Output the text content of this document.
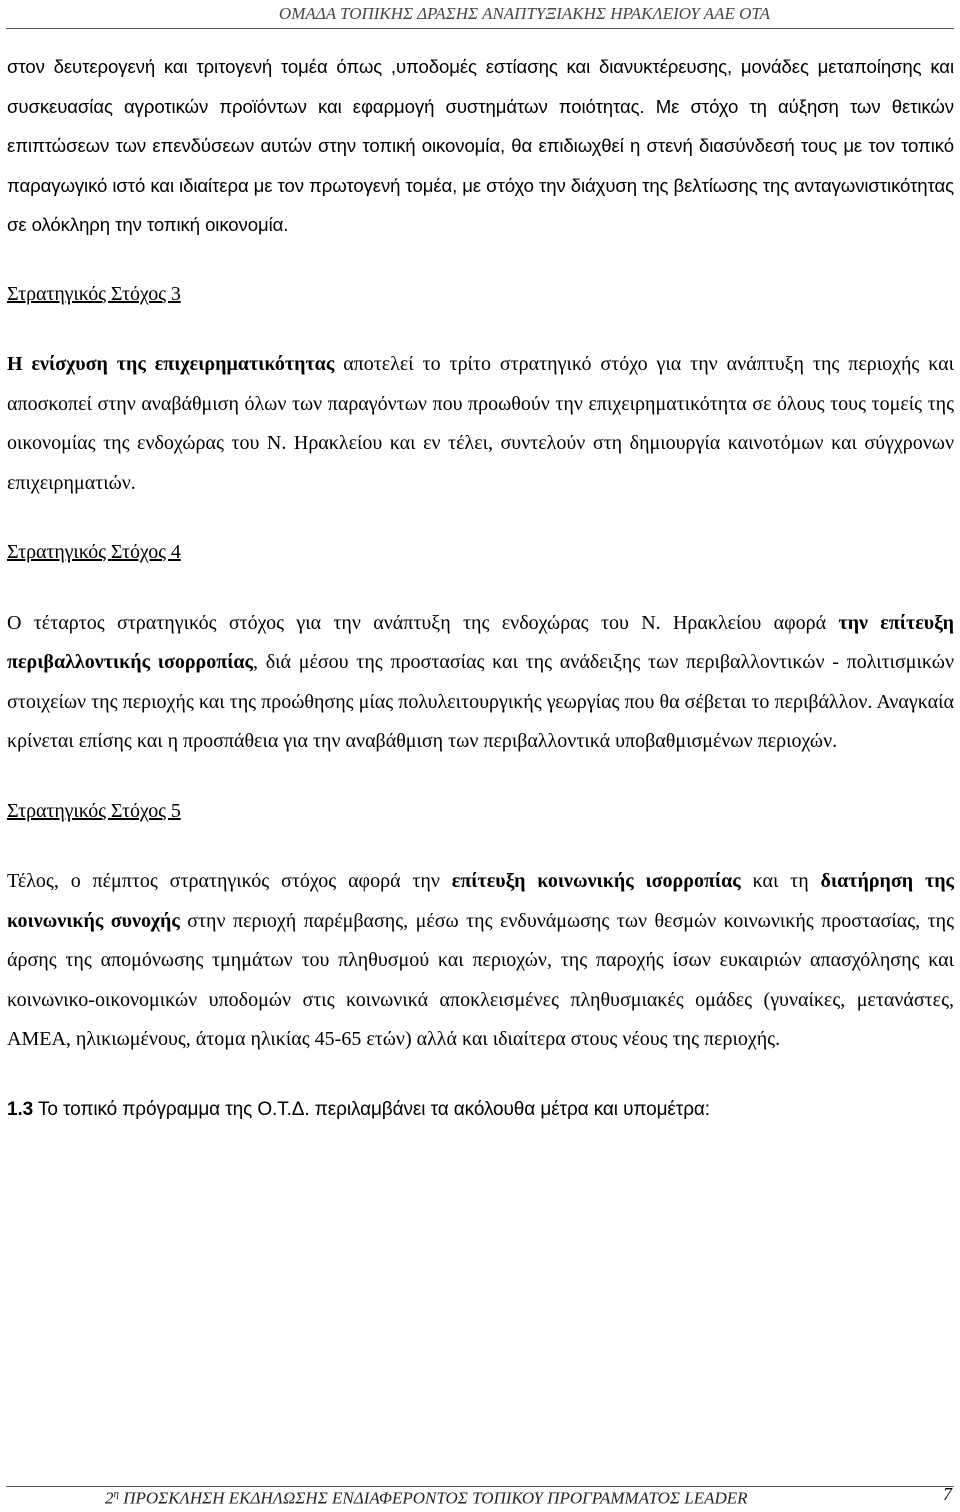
ΟΜΑΔΑ ΤΟΠΙΚΗΣ ΔΡΑΣΗΣ ΑΝΑΠΤΥΞΙΑΚΗΣ ΗΡΑΚΛΕΙΟΥ ΑΑΕ ΟΤΑ

στον δευτερογενή και τριτογενή τομέα όπως ,υποδομές εστίασης και διανυκτέρευσης, μονάδες μεταποίησης και συσκευασίας αγροτικών προϊόντων και εφαρμογή συστημάτων ποιότητας. Με στόχο τη αύξηση των θετικών επιπτώσεων των επενδύσεων αυτών στην τοπική οικονομία, θα επιδιωχθεί η στενή διασύνδεσή τους με τον τοπικό παραγωγικό ιστό και ιδιαίτερα με τον πρωτογενή τομέα, με στόχο την διάχυση της βελτίωσης της ανταγωνιστικότητας σε ολόκληρη την τοπική οικονομία.

Στρατηγικός Στόχος 3

Η ενίσχυση της επιχειρηματικότητας αποτελεί το τρίτο στρατηγικό στόχο για την ανάπτυξη της περιοχής και αποσκοπεί στην αναβάθμιση όλων των παραγόντων που προωθούν την επιχειρηματικότητα σε όλους τους τομείς της οικονομίας της ενδοχώρας του Ν. Ηρακλείου και εν τέλει, συντελούν στη δημιουργία καινοτόμων και σύγχρονων επιχειρηματιών.

Στρατηγικός Στόχος 4

Ο τέταρτος στρατηγικός στόχος για την ανάπτυξη της ενδοχώρας του Ν. Ηρακλείου αφορά την επίτευξη περιβαλλοντικής ισορροπίας, διά μέσου της προστασίας και της ανάδειξης των περιβαλλοντικών - πολιτισμικών στοιχείων της περιοχής και της προώθησης μίας πολυλειτουργικής γεωργίας που θα σέβεται το περιβάλλον. Αναγκαία κρίνεται επίσης και η προσπάθεια για την αναβάθμιση των περιβαλλοντικά υποβαθμισμένων περιοχών.

Στρατηγικός Στόχος 5

Τέλος, ο πέμπτος στρατηγικός στόχος αφορά την επίτευξη κοινωνικής ισορροπίας και τη διατήρηση της κοινωνικής συνοχής στην περιοχή παρέμβασης, μέσω της ενδυνάμωσης των θεσμών κοινωνικής προστασίας, της άρσης της απομόνωσης τμημάτων του πληθυσμού και περιοχών, της παροχής ίσων ευκαιριών απασχόλησης και κοινωνικο-οικονομικών υποδομών στις κοινωνικά αποκλεισμένες πληθυσμιακές ομάδες (γυναίκες, μετανάστες, ΑΜΕΑ, ηλικιωμένους, άτομα ηλικίας 45-65 ετών) αλλά και ιδιαίτερα στους νέους της περιοχής.

1.3 Το τοπικό πρόγραμμα της Ο.Τ.Δ. περιλαμβάνει τα ακόλουθα μέτρα και υπομέτρα:

$2^\eta$ ΠΡΟΣΚΛΗΣΗ ΕΚΔΗΛΩΣΗΣ ΕΝΔΙΑΦΕΡΟΝΤΟΣ ΤΟΠΙΚΟΥ ΠΡΟΓΡΑΜΜΑΤΟΣ LEADER	7
